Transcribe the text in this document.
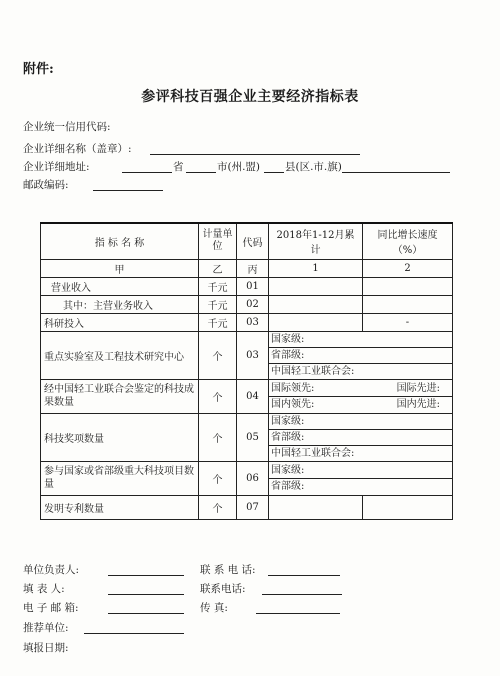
附件:
参评科技百强企业主要经济指标表
企业统一信用代码:
企业详细名称（盖章）:
企业详细地址:	省	市(州.盟) 县(区.市.旗)
邮政编码:
指 标 名 称	计量单位	代码	2018年1-12月累计	同比增长速度（%）
甲	乙	丙	1	2
营业收入	千元	01		
其中：主营业务收入	千元	02		
科研投入	千元	03		-
重点实验室及工程技术研究中心	个	03	国家级:
省部级:
中国轻工业联合会:	

经中国轻工业联合会鉴定的科技成果数量	个	04	国际领先: 国际先进:
国内领先: 国内先进:	

科技奖项数量	个	05	国家级:
省部级:
中国轻工业联合会:	

参与国家或省部级重大科技项目数量	个	06	国家级:
省部级:	

发明专利数量	个	07		
单位负责人:	联 系 电 话:
填 表 人:	联系电话:
电 子 邮 箱:	传 真:
推荐单位:
填报日期:
